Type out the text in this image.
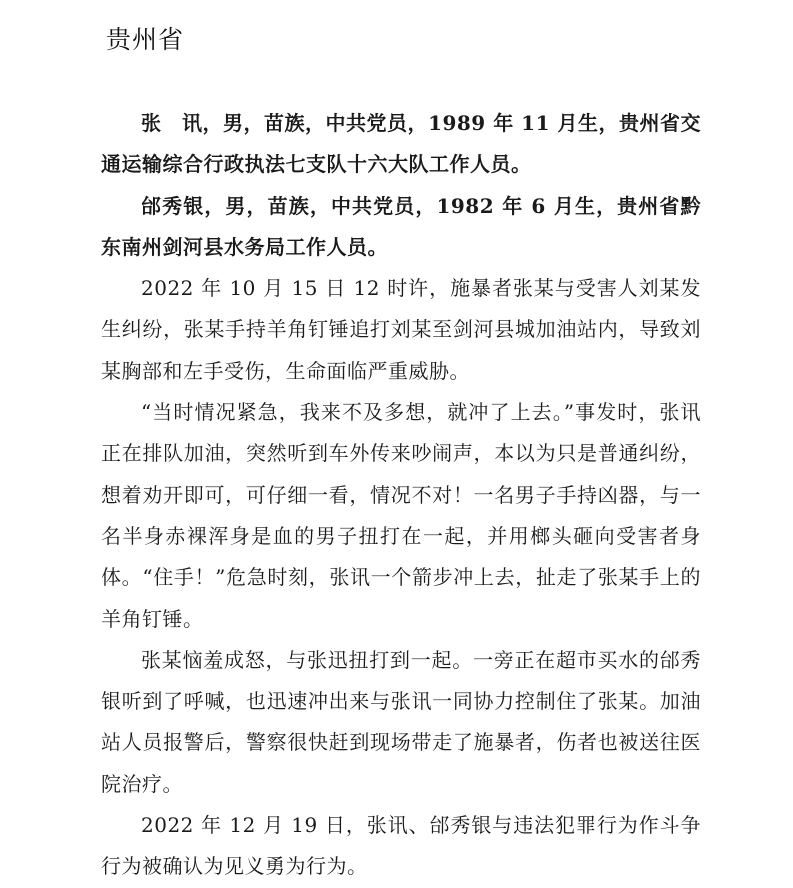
贵州省

张　讯，男，苗族，中共党员，1989 年 11 月生，贵州省交通运输综合行政执法七支队十六大队工作人员。

邰秀银，男，苗族，中共党员，1982 年 6 月生，贵州省黔东南州剑河县水务局工作人员。

2022 年 10 月 15 日 12 时许，施暴者张某与受害人刘某发生纠纷，张某手持羊角钉锤追打刘某至剑河县城加油站内，导致刘某胸部和左手受伤，生命面临严重威胁。

“当时情况紧急，我来不及多想，就冲了上去。”事发时，张讯正在排队加油，突然听到车外传来吵闹声，本以为只是普通纠纷，想着劝开即可，可仔细一看，情况不对！一名男子手持凶器，与一名半身赤裸浑身是血的男子扭打在一起，并用榔头砸向受害者身体。“住手！”危急时刻，张讯一个箭步冲上去，扯走了张某手上的羊角钉锤。

张某恼羞成怒，与张迅扭打到一起。一旁正在超市买水的邰秀银听到了呼喊，也迅速冲出来与张讯一同协力控制住了张某。加油站人员报警后，警察很快赶到现场带走了施暴者，伤者也被送往医院治疗。

2022 年 12 月 19 日，张讯、邰秀银与违法犯罪行为作斗争行为被确认为见义勇为行为。
